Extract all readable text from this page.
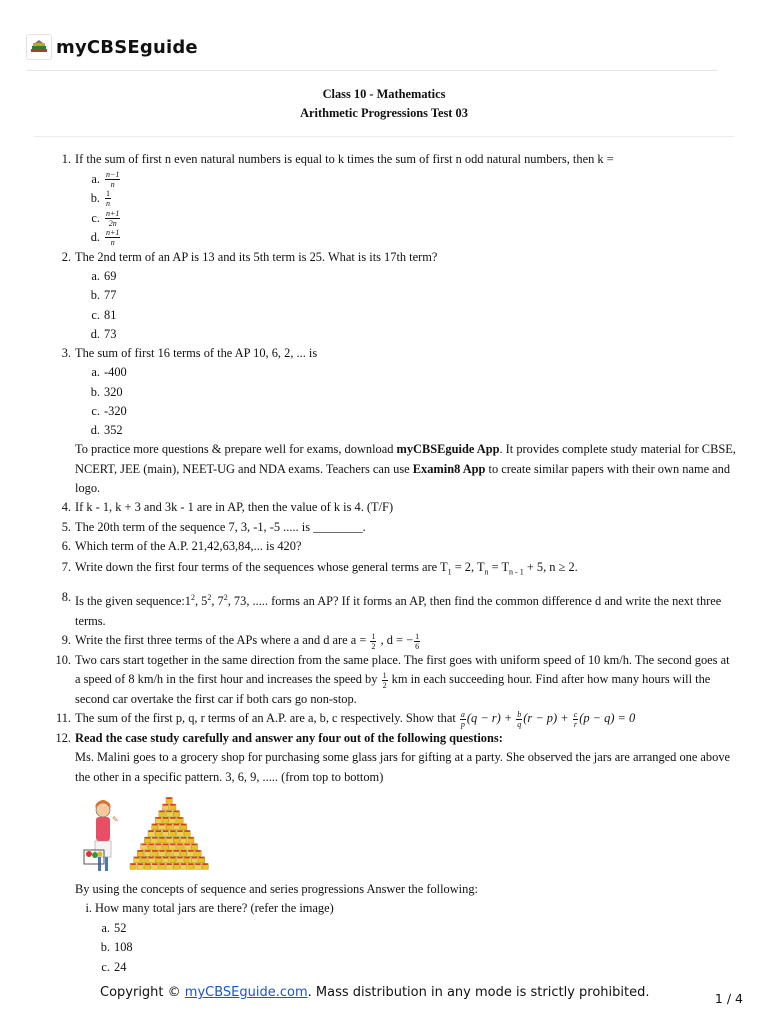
myCBSEguide
Class 10 - Mathematics
Arithmetic Progressions Test 03
1. If the sum of first n even natural numbers is equal to k times the sum of first n odd natural numbers, then k =
a. $\frac{n-1}{n}$
b. $\frac{1}{n}$
c. $\frac{n+1}{2n}$
d. $\frac{n+1}{n}$
2. The 2nd term of an AP is 13 and its 5th term is 25. What is its 17th term?
a. 69
b. 77
c. 81
d. 73
3. The sum of first 16 terms of the AP 10, 6, 2, ... is
a. -400
b. 320
c. -320
d. 352
To practice more questions & prepare well for exams, download myCBSEguide App. It provides complete study material for CBSE, NCERT, JEE (main), NEET-UG and NDA exams. Teachers can use Examin8 App to create similar papers with their own name and logo.
4. If k - 1, k + 3 and 3k - 1 are in AP, then the value of k is 4. (T/F)
5. The 20th term of the sequence 7, 3, -1, -5 ..... is ________.
6. Which term of the A.P. 21,42,63,84,... is 420?
7. Write down the first four terms of the sequences whose general terms are $T_1 = 2$, $T_n = T_{n - 1} + 5$, n ≥ 2.
8. Is the given $sequence:1^2$, $5^2$, $7^2$, 73, ..... forms an AP? If it forms an AP, then find the common difference d and write the next three terms.
9. Write the first three terms of the APs where a and d are $a = \frac{1}{2}$ , d = − $\frac{1}{6}$
10. Two cars start together in the same direction from the same place. The first goes with uniform speed of 10 km/h. The second goes at a speed of 8 km/h in the first hour and increases the speed by $\frac{1}{2}$ km in each succeeding hour. Find after how many hours will the second car overtake the first car if both cars go non-stop.
11. The sum of the first p, q, r terms of an A.P. are a, b, c respectively. Show that $\frac{a}{p} (q - r) + \frac{b}{q} (r - p) + \frac{c}{r} (p - q) = 0$
12. Read the case study carefully and answer any four out of the following questions:
Ms. Malini goes to a grocery shop for purchasing some glass jars for gifting at a party. She observed the jars are arranged one above the other in a specific pattern. 3, 6, 9, ..... (from top to bottom)
✎
By using the concepts of sequence and series progressions Answer the following:
i. How many total jars are there? (refer the image)
a. 52
b. 108
c. 24
Copyright © myCBSEguide.com. Mass distribution in any mode is strictly prohibited.	1 / 4
